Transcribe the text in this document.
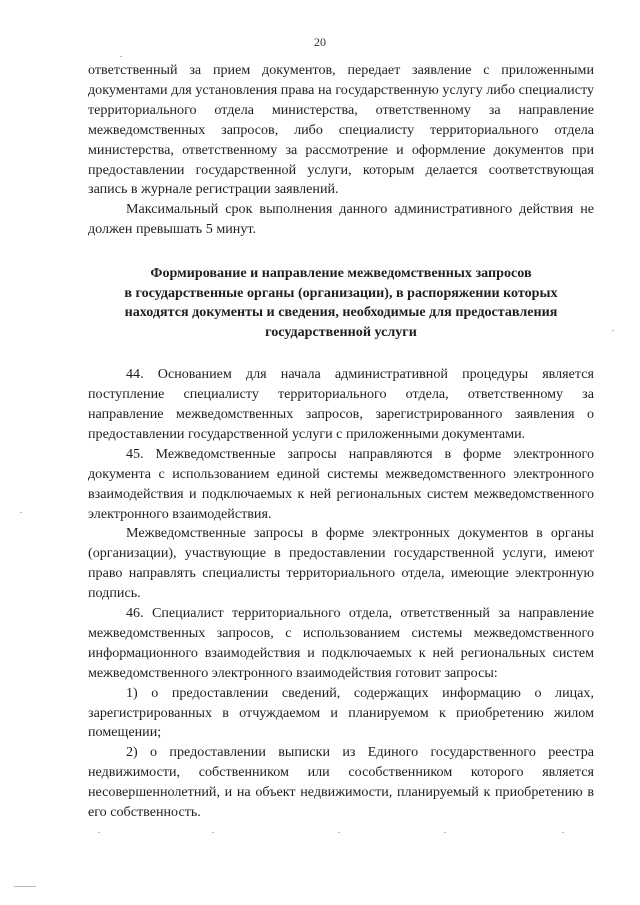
20

ответственный за прием документов, передает заявление с приложенными документами для установления права на государственную услугу либо специалисту территориального отдела министерства, ответственному за направление межведомственных запросов, либо специалисту территориального отдела министерства, ответственному за рассмотрение и оформление документов при предоставлении государственной услуги, которым делается соответствующая запись в журнале регистрации заявлений.

Максимальный срок выполнения данного административного действия не должен превышать 5 минут.

Формирование и направление межведомственных запросов
в государственные органы (организации), в распоряжении которых
находятся документы и сведения, необходимые для предоставления
государственной услуги

44. Основанием для начала административной процедуры является поступление специалисту территориального отдела, ответственному за направление межведомственных запросов, зарегистрированного заявления о предоставлении государственной услуги с приложенными документами.

45. Межведомственные запросы направляются в форме электронного документа с использованием единой системы межведомственного электронного взаимодействия и подключаемых к ней региональных систем межведомственного электронного взаимодействия.

Межведомственные запросы в форме электронных документов в органы (организации), участвующие в предоставлении государственной услуги, имеют право направлять специалисты территориального отдела, имеющие электронную подпись.

46. Специалист территориального отдела, ответственный за направление межведомственных запросов, с использованием системы межведомственного информационного взаимодействия и подключаемых к ней региональных систем межведомственного электронного взаимодействия готовит запросы:

1) о предоставлении сведений, содержащих информацию о лицах, зарегистрированных в отчуждаемом и планируемом к приобретению жилом помещении;

2) о предоставлении выписки из Единого государственного реестра недвижимости, собственником или сособственником которого является несовершеннолетний, и на объект недвижимости, планируемый к приобретению в его собственность.
